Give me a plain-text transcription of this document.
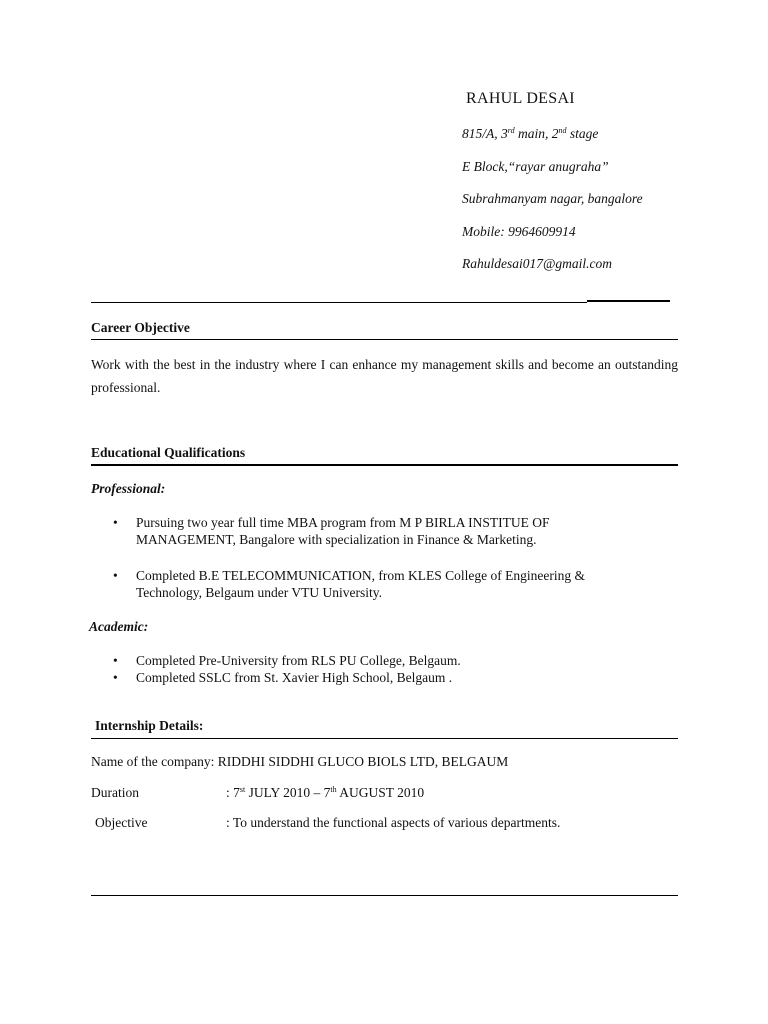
RAHUL DESAI
815/A, 3rd main, 2nd stage
E Block,“rayar anugraha”
Subrahmanyam nagar, bangalore
Mobile: 9964609914
Rahuldesai017@gmail.com
Career Objective
Work with the best in the industry where I can enhance my management skills and become an outstanding professional.
Educational Qualifications
Professional:
• Pursuing two year full time MBA program from M P BIRLA INSTITUE OF MANAGEMENT, Bangalore with specialization in Finance & Marketing.
• Completed B.E TELECOMMUNICATION, from KLES College of Engineering & Technology, Belgaum under VTU University.
Academic:
• Completed Pre-University from RLS PU College, Belgaum.
• Completed SSLC from St. Xavier High School, Belgaum .
Internship Details:
Name of the company: RIDDHI SIDDHI GLUCO BIOLS LTD, BELGAUM
Duration	: 7st JULY 2010 – 7th AUGUST 2010
Objective	: To understand the functional aspects of various departments.
